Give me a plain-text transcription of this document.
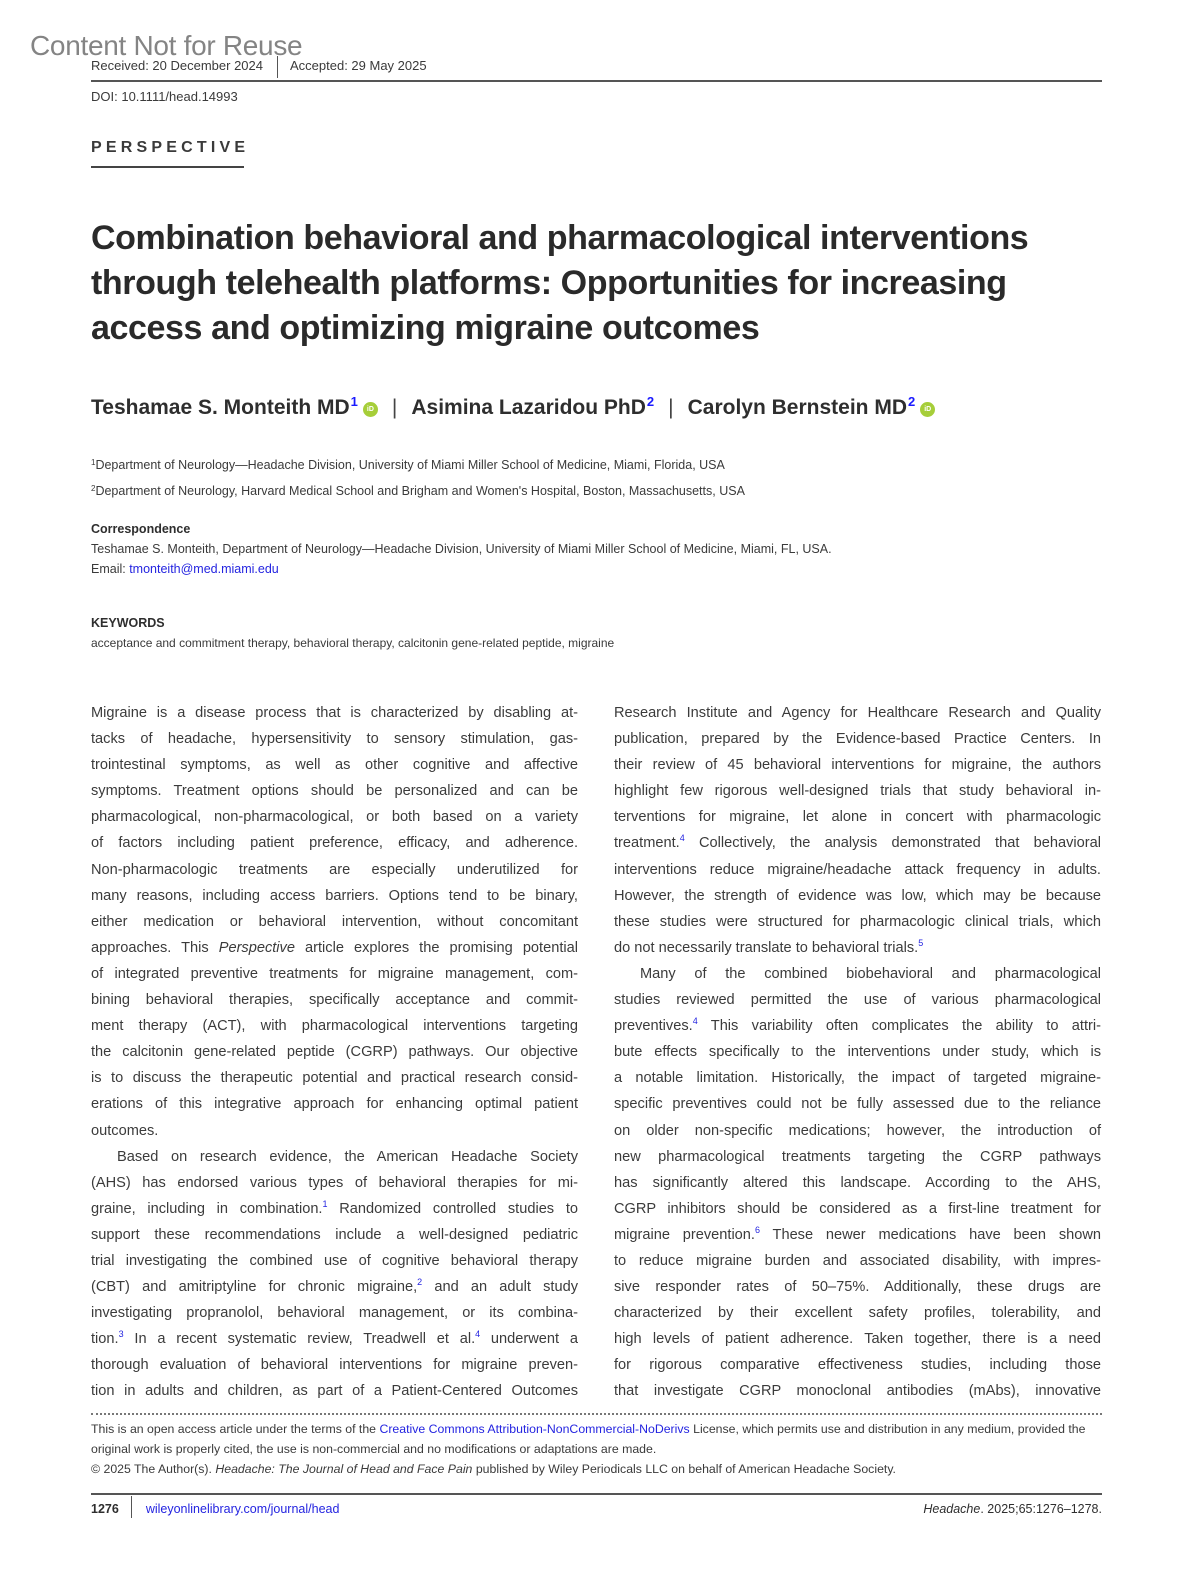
Content Not for Reuse
Received: 20 December 2024 Accepted: 29 May 2025
DOI: 10.1111/head.14993
PERSPECTIVE
Combination behavioral and pharmacological interventions through telehealth platforms: Opportunities for increasing access and optimizing migraine outcomes
Teshamae S. Monteith $MD^1$	iD | Asimina Lazaridou PhD$^2$ | Carolyn Bernstein $MD^2$	iD
$^1$Department of Neurology—Headache Division, University of Miami Miller School of Medicine, Miami, Florida, USA
$^2$Department of Neurology, Harvard Medical School and Brigham and Women's Hospital, Boston, Massachusetts, USA
Correspondence
Teshamae S. Monteith, Department of Neurology—Headache Division, University of Miami Miller School of Medicine, Miami, FL, USA.
Email: tmonteith@med.miami.edu
KEYWORDS
acceptance and commitment therapy, behavioral therapy, calcitonin gene-related peptide, migraine
Migraine is a disease process that is characterized by disabling at-
tacks of headache, hypersensitivity to sensory stimulation, gas-
trointestinal symptoms, as well as other cognitive and affective
symptoms. Treatment options should be personalized and can be
pharmacological, non-pharmacological, or both based on a variety
of factors including patient preference, efficacy, and adherence.
Non-pharmacologic treatments are especially underutilized for
many reasons, including access barriers. Options tend to be binary,
either medication or behavioral intervention, without concomitant
approaches. This Perspective article explores the promising potential
of integrated preventive treatments for migraine management, com-
bining behavioral therapies, specifically acceptance and commit-
ment therapy (ACT), with pharmacological interventions targeting
the calcitonin gene-related peptide (CGRP) pathways. Our objective
is to discuss the therapeutic potential and practical research consid-
erations of this integrative approach for enhancing optimal patient
outcomes.
Based on research evidence, the American Headache Society
(AHS) has endorsed various types of behavioral therapies for mi-
graine, including in combination.$^1$ Randomized controlled studies to
support these recommendations include a well-designed pediatric
trial investigating the combined use of cognitive behavioral therapy
(CBT) and amitriptyline for chronic migraine,$^2$ and an adult study
investigating propranolol, behavioral management, or its combina-
tion.$^3$ In a recent systematic review, Treadwell et al.$^4$ underwent a
thorough evaluation of behavioral interventions for migraine preven-
tion in adults and children, as part of a Patient-Centered Outcomes
Research Institute and Agency for Healthcare Research and Quality
publication, prepared by the Evidence-based Practice Centers. In
their review of 45 behavioral interventions for migraine, the authors
highlight few rigorous well-designed trials that study behavioral in-
terventions for migraine, let alone in concert with pharmacologic
treatment.$^4$ Collectively, the analysis demonstrated that behavioral
interventions reduce migraine/headache attack frequency in adults.
However, the strength of evidence was low, which may be because
these studies were structured for pharmacologic clinical trials, which
do not necessarily translate to behavioral trials.$^5$
Many of the combined biobehavioral and pharmacological
studies reviewed permitted the use of various pharmacological
preventives.$^4$ This variability often complicates the ability to attri-
bute effects specifically to the interventions under study, which is
a notable limitation. Historically, the impact of targeted migraine-
specific preventives could not be fully assessed due to the reliance
on older non-specific medications; however, the introduction of
new pharmacological treatments targeting the CGRP pathways
has significantly altered this landscape. According to the AHS,
CGRP inhibitors should be considered as a first-line treatment for
migraine prevention.$^6$ These newer medications have been shown
to reduce migraine burden and associated disability, with impres-
sive responder rates of 50–75%. Additionally, these drugs are
characterized by their excellent safety profiles, tolerability, and
high levels of patient adherence. Taken together, there is a need
for rigorous comparative effectiveness studies, including those
that investigate CGRP monoclonal antibodies (mAbs), innovative
This is an open access article under the terms of the Creative Commons Attribution-NonCommercial-NoDerivs License, which permits use and distribution in any medium, provided the original work is properly cited, the use is non-commercial and no modifications or adaptations are made.
© 2025 The Author(s). Headache: The Journal of Head and Face Pain published by Wiley Periodicals LLC on behalf of American Headache Society.
1276 wileyonlinelibrary.com/journal/head	Headache. 2025;65:1276–1278.
